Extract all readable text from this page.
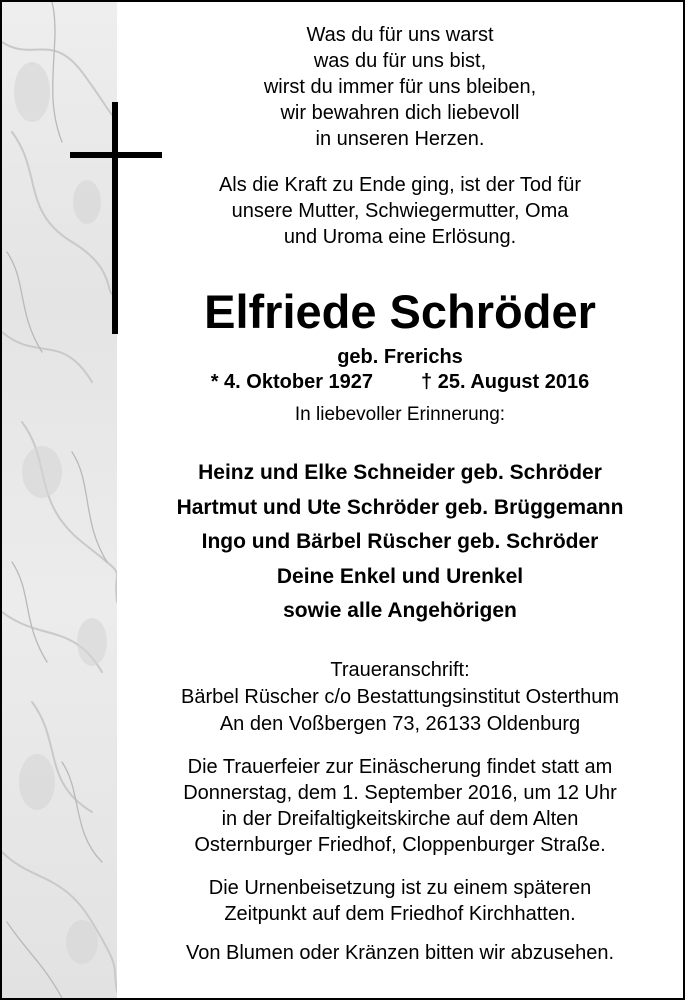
Was du für uns warst
was du für uns bist,
wirst du immer für uns bleiben,
wir bewahren dich liebevoll
in unseren Herzen.
Als die Kraft zu Ende ging, ist der Tod für
unsere Mutter, Schwiegermutter, Oma
und Uroma eine Erlösung.
Elfriede Schröder
geb. Frerichs
* 4. Oktober 1927 † 25. August 2016
In liebevoller Erinnerung:
Heinz und Elke Schneider geb. Schröder
Hartmut und Ute Schröder geb. Brüggemann
Ingo und Bärbel Rüscher geb. Schröder
Deine Enkel und Urenkel
sowie alle Angehörigen
Traueranschrift:
Bärbel Rüscher c/o Bestattungsinstitut Osterthum
An den Voßbergen 73, 26133 Oldenburg
Die Trauerfeier zur Einäscherung findet statt am
Donnerstag, dem 1. September 2016, um 12 Uhr
in der Dreifaltigkeitskirche auf dem Alten
Osternburger Friedhof, Cloppenburger Straße.
Die Urnenbeisetzung ist zu einem späteren
Zeitpunkt auf dem Friedhof Kirchhatten.
Von Blumen oder Kränzen bitten wir abzusehen.
